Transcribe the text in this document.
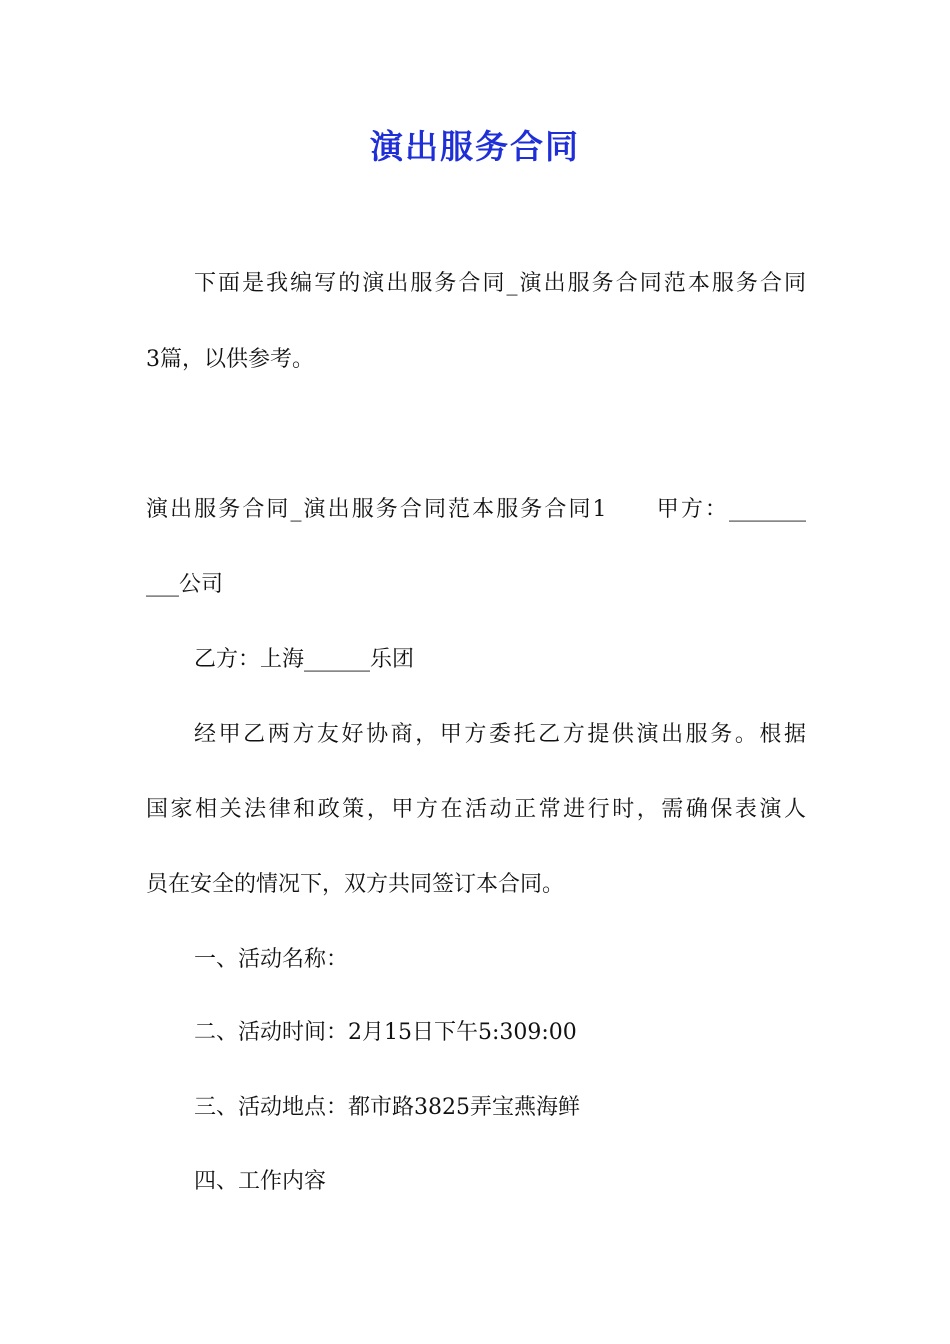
演出服务合同

下面是我编写的演出服务合同_演出服务合同范本服务合同

3篇，以供参考。

演出服务合同_演出服务合同范本服务合同1　　甲方：_______

___公司

乙方：上海______乐团

经甲乙两方友好协商，甲方委托乙方提供演出服务。根据

国家相关法律和政策，甲方在活动正常进行时，需确保表演人

员在安全的情况下，双方共同签订本合同。

一、活动名称：

二、活动时间：2月15日下午5:309:00

三、活动地点：都市路3825弄宝燕海鲜

四、工作内容
